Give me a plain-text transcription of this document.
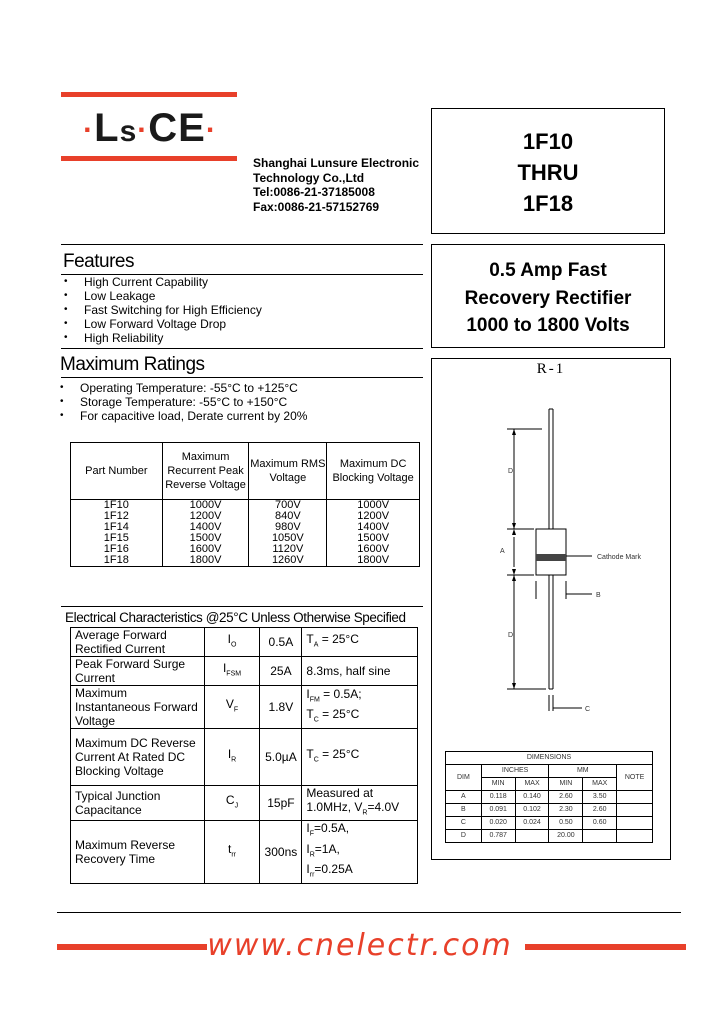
·Ls·CE·
Shanghai Lunsure Electronic
Technology Co.,Ltd
Tel:0086-21-37185008
Fax:0086-21-57152769
1F10
THRU
1F18
0.5 Amp Fast
Recovery Rectifier
1000 to 1800 Volts
Features
• High Current Capability
• Low Leakage
• Fast Switching for High Efficiency
• Low Forward Voltage Drop
• High Reliability
Maximum Ratings
• Operating Temperature: -55°C to +125°C
• Storage Temperature: -55°C to +150°C
• For capacitive load, Derate current by 20%
Part Number	Maximum Recurrent Peak Reverse Voltage	Maximum RMS Voltage	Maximum DC Blocking Voltage
1F10	1000V	700V	1000V
1F12	1200V	840V	1200V
1F14	1400V	980V	1400V
1F15	1500V	1050V	1500V
1F16	1600V	1120V	1600V
1F18	1800V	1260V	1800V
Electrical Characteristics @25°C Unless Otherwise Specified
Average Forward Rectified Current	$I_O$	0.5A	$T_A = 25^\circ C$
Peak Forward Surge Current	$I_{FSM}$	25A	8.3ms, half sine
Maximum Instantaneous Forward Voltage	$V_F$	1.8V	$I_{FM} = 0.5A$;
$T_C = 25^\circ C$

Maximum DC Reverse Current At Rated DC Blocking Voltage	$I_R$	5.0µA	$T_C = 25^\circ C$
Typical Junction Capacitance	$C_J$	15pF	Measured at
1.0MHz, $V_R=4.0V$

Maximum Reverse Recovery Time	$t_{rr}$	300ns	$I_F=0.5A$,
$I_R=1A$,
$I_{rr}=0.25A$
R-1
D
A
Cathode Mark
B
D
C
DIMENSIONS					
DIM	INCHES		MM		NOTE
	MIN	MAX	MIN	MAX	
A	0.118	0.140	2.60	3.50	
B	0.091	0.102	2.30	2.60	
C	0.020	0.024	0.50	0.60	
D	0.787		20.00		
www.cnelectr.com
